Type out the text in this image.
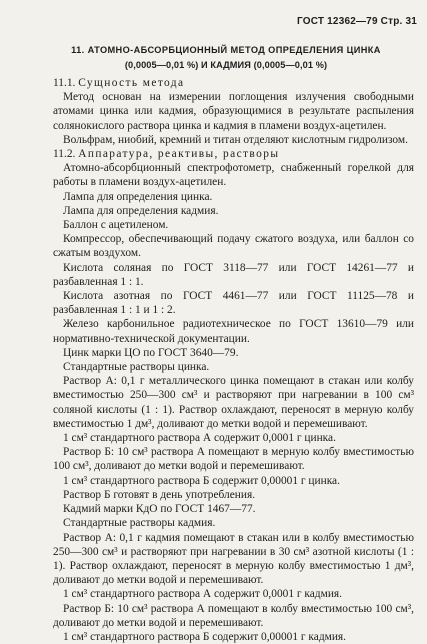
ГОСТ 12362—79 Стр. 31
11. АТОМНО-АБСОРБЦИОННЫЙ МЕТОД ОПРЕДЕЛЕНИЯ ЦИНКА
(0,0005—0,01 %) И КАДМИЯ (0,0005—0,01 %)

11.1. Сущность метода

Метод основан на измерении поглощения излучения свободными атомами цинка или кадмия, образующимися в результате распыления солянокислого раствора цинка и кадмия в пламени воздух-ацетилен.

Вольфрам, ниобий, кремний и титан отделяют кислотным гидролизом.

11.2. Аппаратура, реактивы, растворы

Атомно-абсорбционный спектрофотометр, снабженный горелкой для работы в пламени воздух-ацетилен.

Лампа для определения цинка.

Лампа для определения кадмия.

Баллон с ацетиленом.

Компрессор, обеспечивающий подачу сжатого воздуха, или баллон со сжатым воздухом.

Кислота соляная по ГОСТ 3118—77 или ГОСТ 14261—77 и разбавленная 1 : 1.

Кислота азотная по ГОСТ 4461—77 или ГОСТ 11125—78 и разбавленная 1 : 1 и 1 : 2.

Железо карбонильное радиотехническое по ГОСТ 13610—79 или нормативно-технической документации.

Цинк марки ЦО по ГОСТ 3640—79.

Стандартные растворы цинка.

Раствор А: 0,1 г металлического цинка помещают в стакан или колбу вместимостью 250—300 см³ и растворяют при нагревании в 100 см³ соляной кислоты (1 : 1). Раствор охлаждают, переносят в мерную колбу вместимостью 1 дм³, доливают до метки водой и перемешивают.

1 см³ стандартного раствора А содержит 0,0001 г цинка.

Раствор Б: 10 см³ раствора А помещают в мерную колбу вместимостью 100 см³, доливают до метки водой и перемешивают.

1 см³ стандартного раствора Б содержит 0,00001 г цинка.

Раствор Б готовят в день употребления.

Кадмий марки КдО по ГОСТ 1467—77.

Стандартные растворы кадмия.

Раствор А: 0,1 г кадмия помещают в стакан или в колбу вместимостью 250—300 см³ и растворяют при нагревании в 30 см³ азотной кислоты (1 : 1). Раствор охлаждают, переносят в мерную колбу вместимостью 1 дм³, доливают до метки водой и перемешивают.

1 см³ стандартного раствора А содержит 0,0001 г кадмия.

Раствор Б: 10 см³ раствора А помещают в колбу вместимостью 100 см³, доливают до метки водой и перемешивают.

1 см³ стандартного раствора Б содержит 0,00001 г кадмия.
